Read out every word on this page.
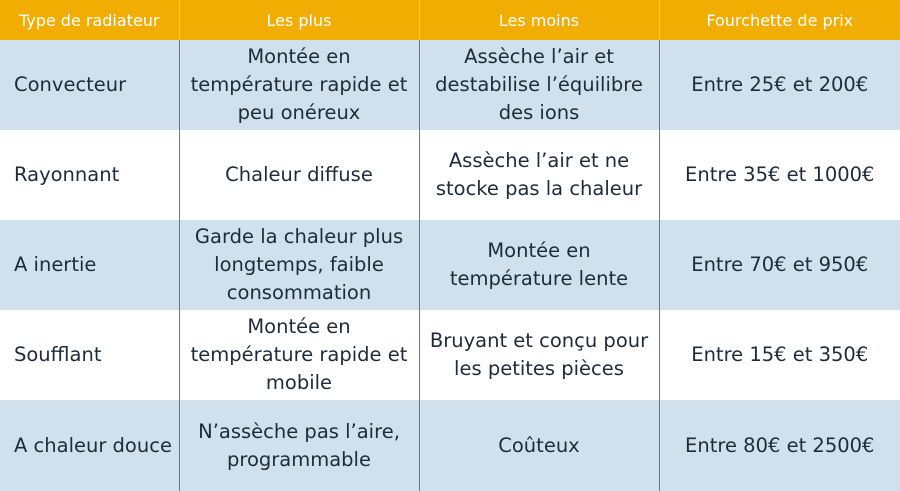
Type de radiateur	Les plus	Les moins	Fourchette de prix
Convecteur	Montée en température rapide et peu onéreux	Assèche l’air et destabilise l’équilibre des ions	Entre 25€ et 200€
Rayonnant	Chaleur diffuse	Assèche l’air et ne stocke pas la chaleur	Entre 35€ et 1000€
A inertie	Garde la chaleur plus longtemps, faible consommation	Montée en température lente	Entre 70€ et 950€
Soufflant	Montée en température rapide et mobile	Bruyant et conçu pour les petites pièces	Entre 15€ et 350€
A chaleur douce	N’assèche pas l’aire, programmable	Coûteux	Entre 80€ et 2500€
